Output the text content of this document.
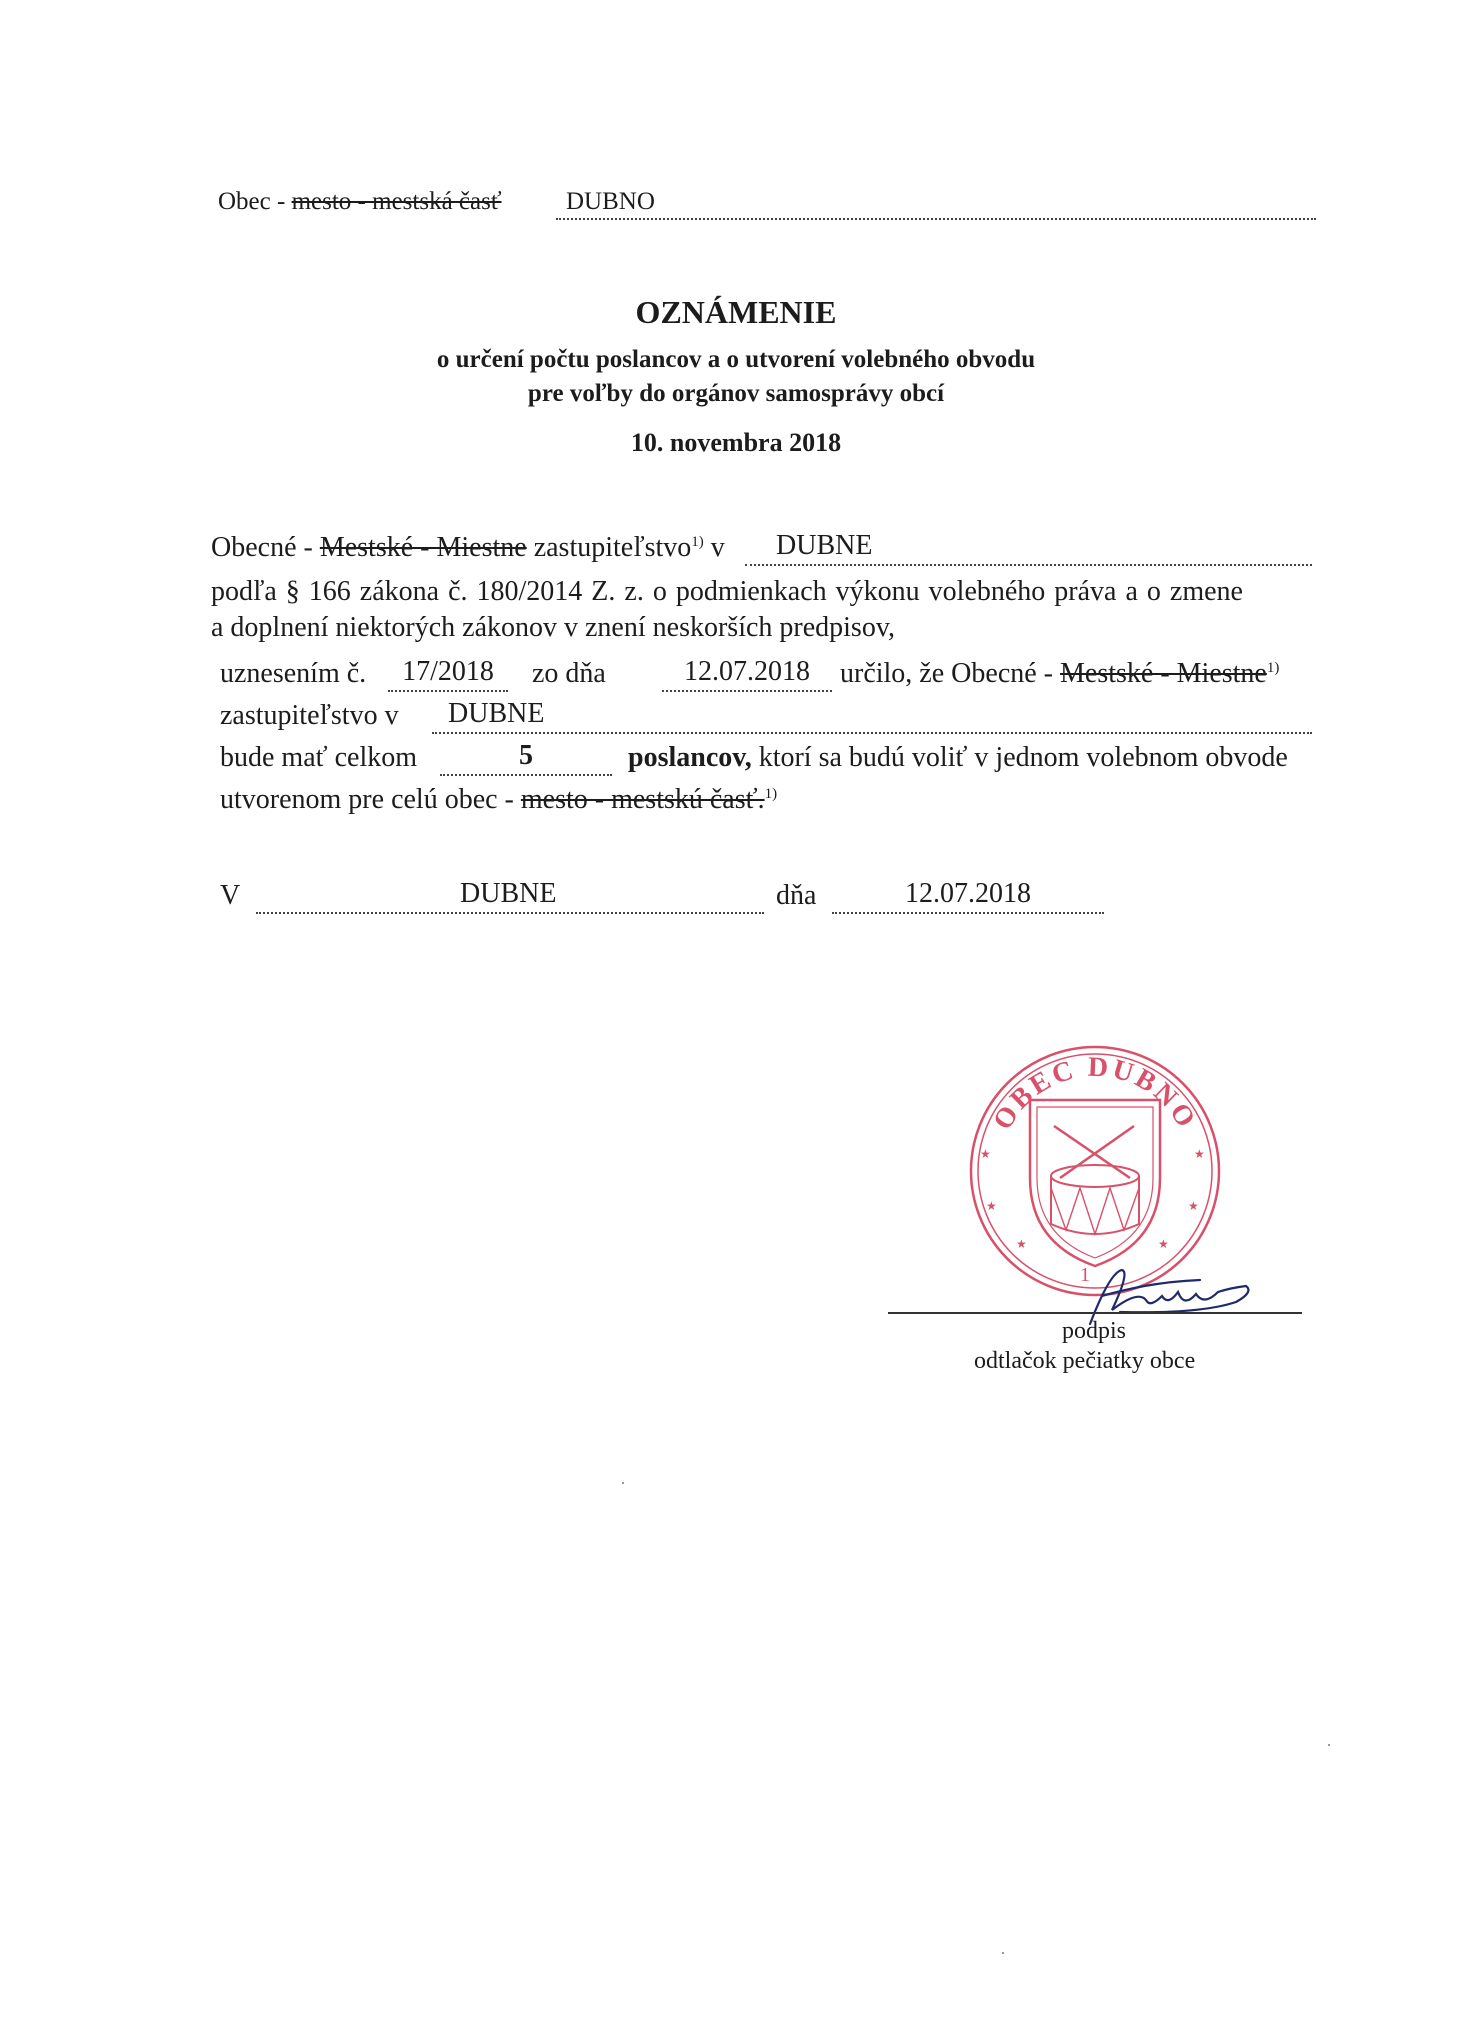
Obec - mesto - mestská časť	DUBNO
OZNÁMENIE
o určení počtu poslancov a o utvorení volebného obvodu
pre voľby do orgánov samosprávy obcí
10. novembra 2018
Obecné - Mestské - Miestne zastupiteľstvo$^{1)}$ v DUBNE
podľa § 166 zákona č. 180/2014 Z. z. o podmienkach výkonu volebného práva a o zmene
a doplnení niektorých zákonov v znení neskorších predpisov,
uznesením č.	17/2018	zo dňa	12.07.2018	určilo, že Obecné - Mestské - Miestne$^{1)}$
zastupiteľstvo v DUBNE
bude mať celkom	5	poslancov, ktorí sa budú voliť v jednom volebnom obvode
utvorenom pre celú obec - mesto - mestskú časť.$^{1)}$
V	DUBNE	dňa	12.07.2018
OBEC DUBNO
1
★
★
★
★
★	★
podpis
odtlačok pečiatky obce
